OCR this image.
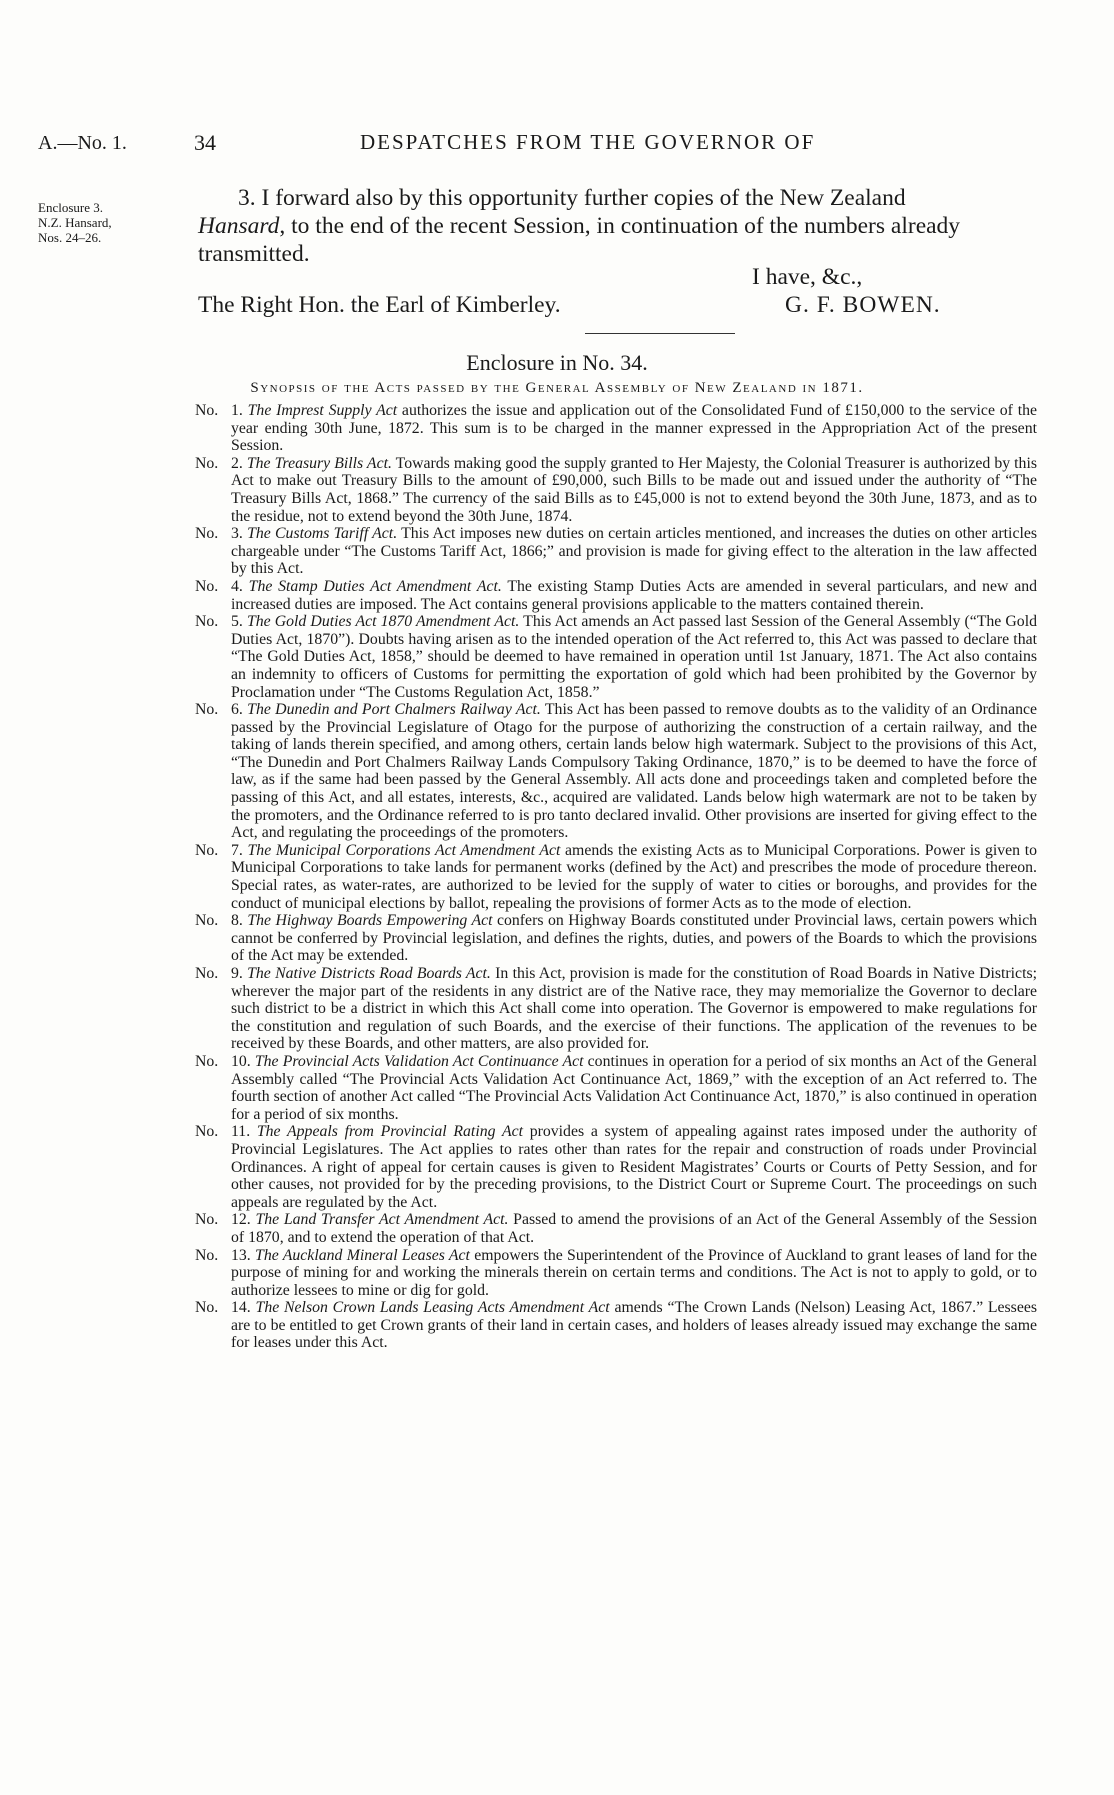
A.—No. 1.	34	DESPATCHES FROM THE GOVERNOR OF
Enclosure 3.
N.Z. Hansard,
Nos. 24–26.
3. I forward also by this opportunity further copies of the New Zealand
Hansard, to the end of the recent Session, in continuation of the numbers already
transmitted.
I have, &c.,
The Right Hon. the Earl of Kimberley.	G. F. BOWEN.
Enclosure in No. 34.
Synopsis of the Acts passed by the General Assembly of New Zealand in 1871.
No. 1. The Imprest Supply Act authorizes the issue and application out of the Consolidated Fund of £150,000 to the service of the year ending 30th June, 1872. This sum is to be charged in the manner expressed in the Appropriation Act of the present Session.
No. 2. The Treasury Bills Act. Towards making good the supply granted to Her Majesty, the Colonial Treasurer is authorized by this Act to make out Treasury Bills to the amount of £90,000, such Bills to be made out and issued under the authority of “The Treasury Bills Act, 1868.” The currency of the said Bills as to £45,000 is not to extend beyond the 30th June, 1873, and as to the residue, not to extend beyond the 30th June, 1874.
No. 3. The Customs Tariff Act. This Act imposes new duties on certain articles mentioned, and increases the duties on other articles chargeable under “The Customs Tariff Act, 1866;” and provision is made for giving effect to the alteration in the law affected by this Act.
No. 4. The Stamp Duties Act Amendment Act. The existing Stamp Duties Acts are amended in several particulars, and new and increased duties are imposed. The Act contains general provisions applicable to the matters contained therein.
No. 5. The Gold Duties Act 1870 Amendment Act. This Act amends an Act passed last Session of the General Assembly (“The Gold Duties Act, 1870”). Doubts having arisen as to the intended operation of the Act referred to, this Act was passed to declare that “The Gold Duties Act, 1858,” should be deemed to have remained in operation until 1st January, 1871. The Act also contains an indemnity to officers of Customs for permitting the exportation of gold which had been prohibited by the Governor by Proclamation under “The Customs Regulation Act, 1858.”
No. 6. The Dunedin and Port Chalmers Railway Act. This Act has been passed to remove doubts as to the validity of an Ordinance passed by the Provincial Legislature of Otago for the purpose of authorizing the construction of a certain railway, and the taking of lands therein specified, and among others, certain lands below high watermark. Subject to the provisions of this Act, “The Dunedin and Port Chalmers Railway Lands Compulsory Taking Ordinance, 1870,” is to be deemed to have the force of law, as if the same had been passed by the General Assembly. All acts done and proceedings taken and completed before the passing of this Act, and all estates, interests, &c., acquired are validated. Lands below high watermark are not to be taken by the promoters, and the Ordinance referred to is pro tanto declared invalid. Other provisions are inserted for giving effect to the Act, and regulating the proceedings of the promoters.
No. 7. The Municipal Corporations Act Amendment Act amends the existing Acts as to Municipal Corporations. Power is given to Municipal Corporations to take lands for permanent works (defined by the Act) and prescribes the mode of procedure thereon. Special rates, as water-rates, are authorized to be levied for the supply of water to cities or boroughs, and provides for the conduct of municipal elections by ballot, repealing the provisions of former Acts as to the mode of election.
No. 8. The Highway Boards Empowering Act confers on Highway Boards constituted under Provincial laws, certain powers which cannot be conferred by Provincial legislation, and defines the rights, duties, and powers of the Boards to which the provisions of the Act may be extended.
No. 9. The Native Districts Road Boards Act. In this Act, provision is made for the constitution of Road Boards in Native Districts; wherever the major part of the residents in any district are of the Native race, they may memorialize the Governor to declare such district to be a district in which this Act shall come into operation. The Governor is empowered to make regulations for the constitution and regulation of such Boards, and the exercise of their functions. The application of the revenues to be received by these Boards, and other matters, are also provided for.
No. 10. The Provincial Acts Validation Act Continuance Act continues in operation for a period of six months an Act of the General Assembly called “The Provincial Acts Validation Act Continuance Act, 1869,” with the exception of an Act referred to. The fourth section of another Act called “The Provincial Acts Validation Act Continuance Act, 1870,” is also continued in operation for a period of six months.
No. 11. The Appeals from Provincial Rating Act provides a system of appealing against rates imposed under the authority of Provincial Legislatures. The Act applies to rates other than rates for the repair and construction of roads under Provincial Ordinances. A right of appeal for certain causes is given to Resident Magistrates’ Courts or Courts of Petty Session, and for other causes, not provided for by the preceding provisions, to the District Court or Supreme Court. The proceedings on such appeals are regulated by the Act.
No. 12. The Land Transfer Act Amendment Act. Passed to amend the provisions of an Act of the General Assembly of the Session of 1870, and to extend the operation of that Act.
No. 13. The Auckland Mineral Leases Act empowers the Superintendent of the Province of Auckland to grant leases of land for the purpose of mining for and working the minerals therein on certain terms and conditions. The Act is not to apply to gold, or to authorize lessees to mine or dig for gold.
No. 14. The Nelson Crown Lands Leasing Acts Amendment Act amends “The Crown Lands (Nelson) Leasing Act, 1867.” Lessees are to be entitled to get Crown grants of their land in certain cases, and holders of leases already issued may exchange the same for leases under this Act.
